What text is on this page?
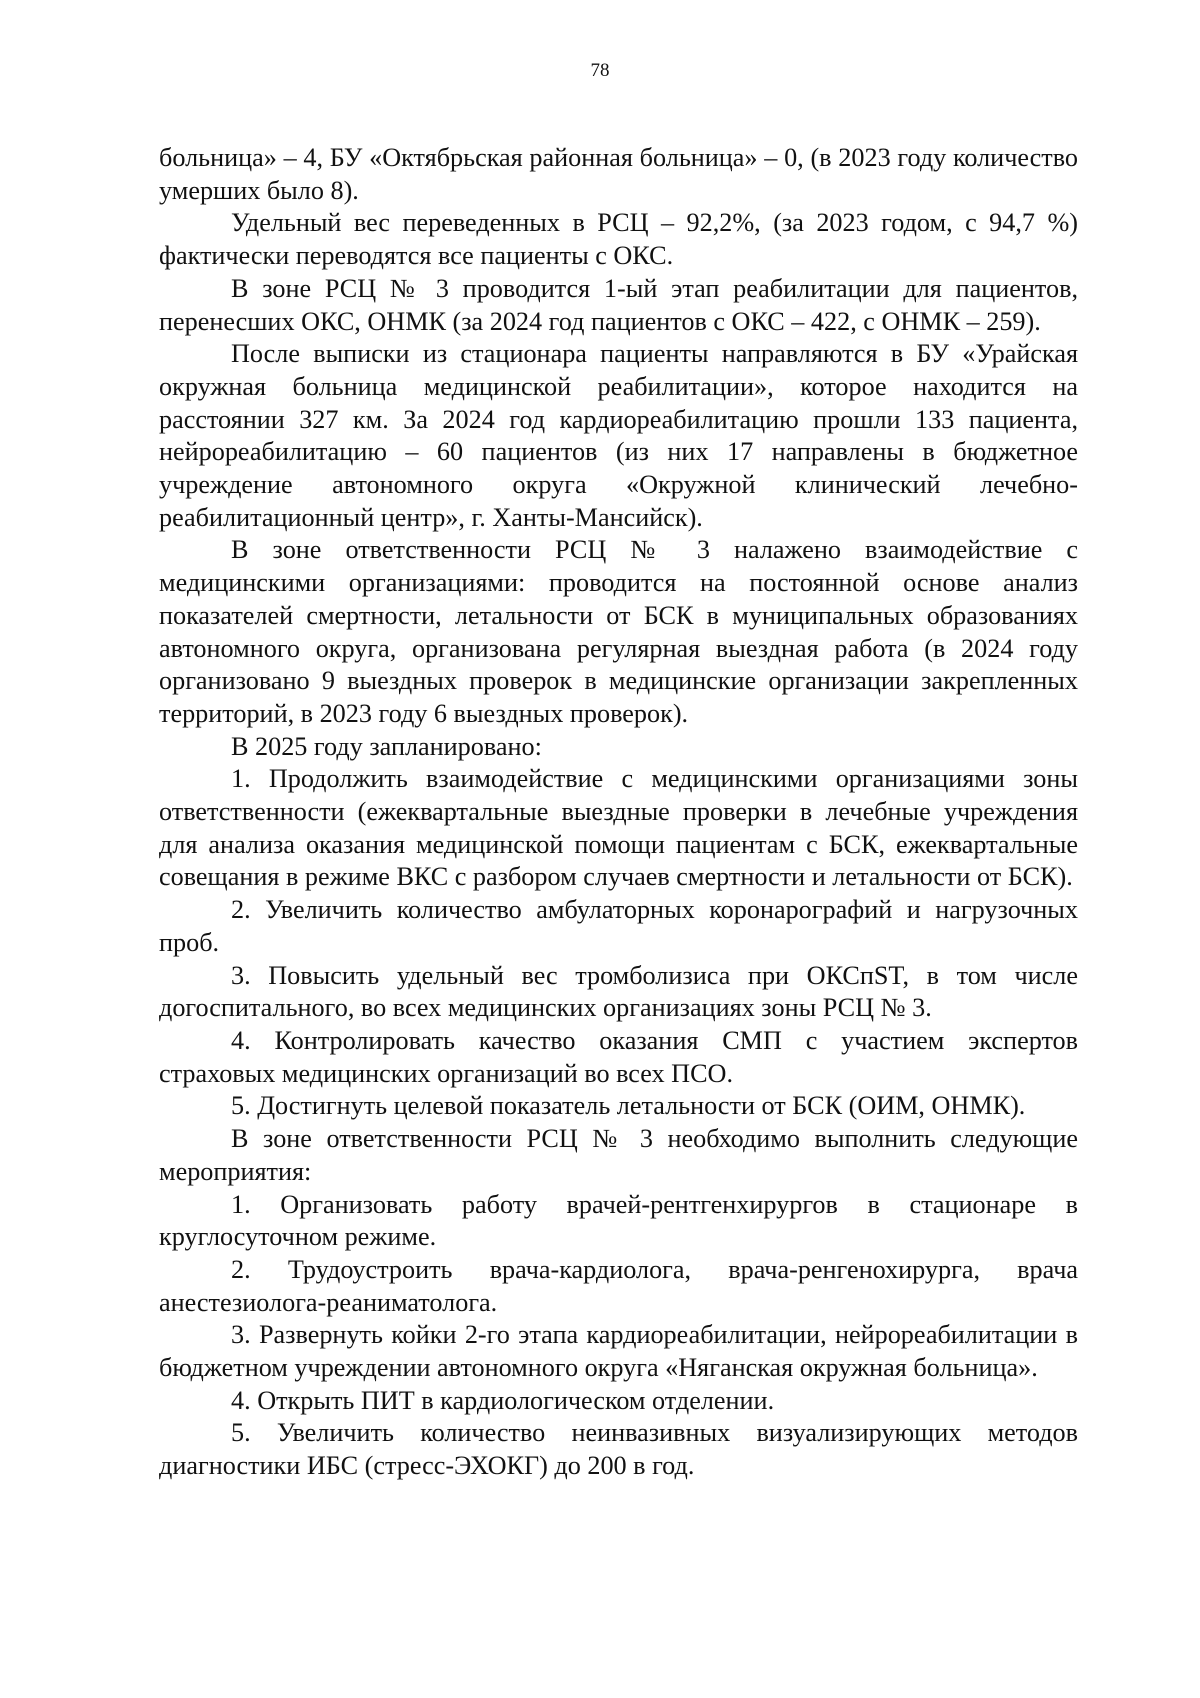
78

больница» – 4, БУ «Октябрьская районная больница» – 0, (в 2023 году количество умерших было 8).

Удельный вес переведенных в РСЦ – 92,2%, (за 2023 годом, с 94,7 %) фактически переводятся все пациенты с ОКС.

В зоне РСЦ № 3 проводится 1-ый этап реабилитации для пациентов, перенесших ОКС, ОНМК (за 2024 год пациентов с ОКС – 422, с ОНМК – 259).

После выписки из стационара пациенты направляются в БУ «Урайская окружная больница медицинской реабилитации», которое находится на расстоянии 327 км. За 2024 год кардиореабилитацию прошли 133 пациента, нейрореабилитацию – 60 пациентов (из них 17 направлены в бюджетное учреждение автономного округа «Окружной клинический лечебно-реабилитационный центр», г. Ханты-Мансийск).

В зоне ответственности РСЦ № 3 налажено взаимодействие с медицинскими организациями: проводится на постоянной основе анализ показателей смертности, летальности от БСК в муниципальных образованиях автономного округа, организована регулярная выездная работа (в 2024 году организовано 9 выездных проверок в медицинские организации закрепленных территорий, в 2023 году 6 выездных проверок).

В 2025 году запланировано:

1. Продолжить взаимодействие с медицинскими организациями зоны ответственности (ежеквартальные выездные проверки в лечебные учреждения для анализа оказания медицинской помощи пациентам с БСК, ежеквартальные совещания в режиме ВКС с разбором случаев смертности и летальности от БСК).

2. Увеличить количество амбулаторных коронарографий и нагрузочных проб.

3. Повысить удельный вес тромболизиса при ОКСпST, в том числе догоспитального, во всех медицинских организациях зоны РСЦ № 3.

4. Контролировать качество оказания СМП с участием экспертов страховых медицинских организаций во всех ПСО.

5. Достигнуть целевой показатель летальности от БСК (ОИМ, ОНМК).

В зоне ответственности РСЦ № 3 необходимо выполнить следующие мероприятия:

1. Организовать работу врачей-рентгенхирургов в стационаре в круглосуточном режиме.

2. Трудоустроить врача-кардиолога, врача-ренгенохирурга, врача анестезиолога-реаниматолога.

3. Развернуть койки 2-го этапа кардиореабилитации, нейрореабилитации в бюджетном учреждении автономного округа «Няганская окружная больница».

4. Открыть ПИТ в кардиологическом отделении.

5. Увеличить количество неинвазивных визуализирующих методов диагностики ИБС (стресс-ЭХОКГ) до 200 в год.
